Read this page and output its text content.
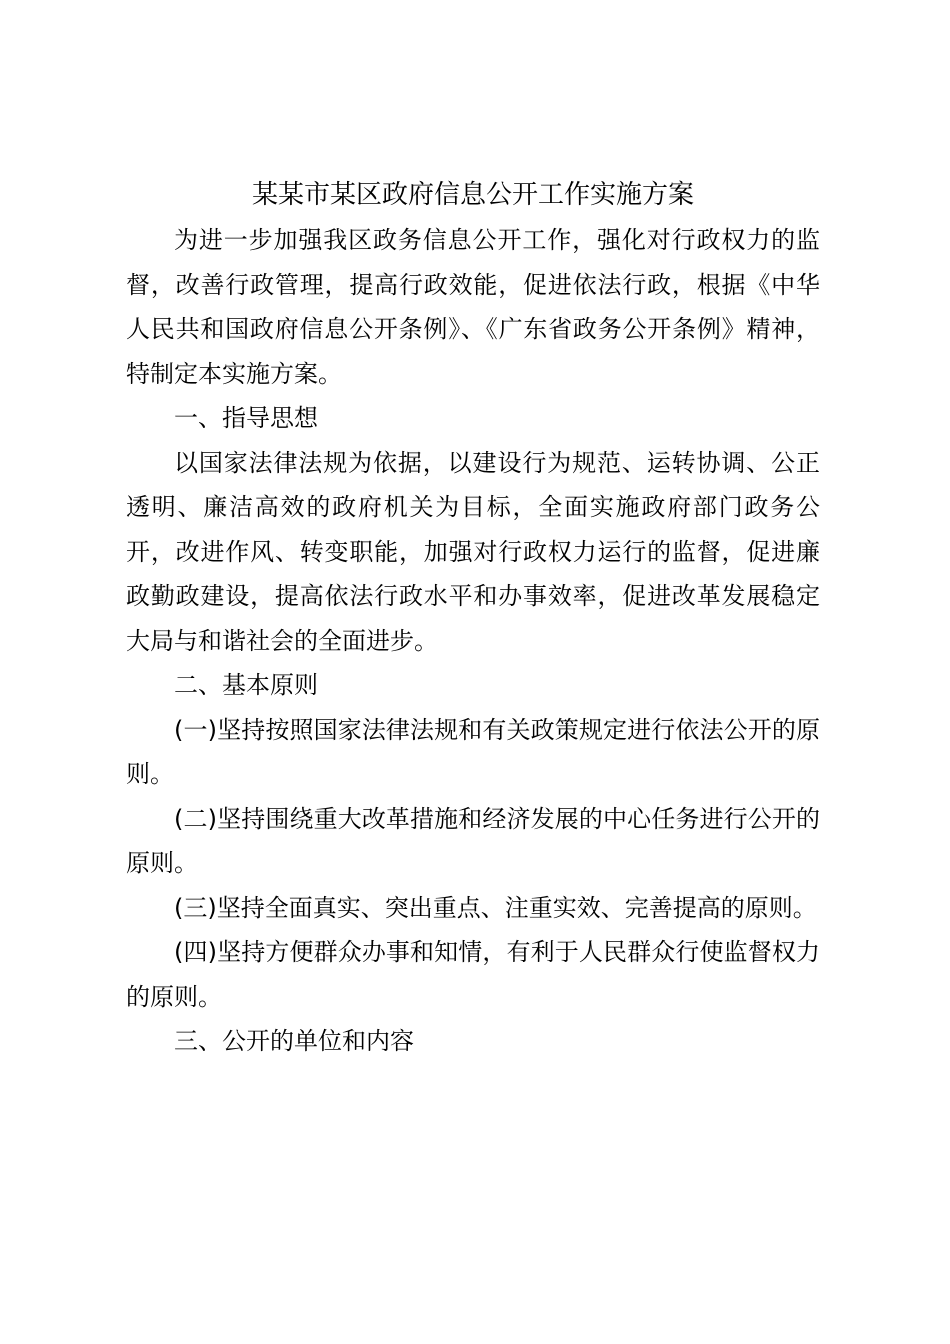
某某市某区政府信息公开工作实施方案

为进一步加强我区政务信息公开工作，强化对行政权力的监督，改善行政管理，提高行政效能，促进依法行政，根据《中华人民共和国政府信息公开条例》、《广东省政务公开条例》精神，特制定本实施方案。

一、指导思想

以国家法律法规为依据，以建设行为规范、运转协调、公正透明、廉洁高效的政府机关为目标，全面实施政府部门政务公开，改进作风、转变职能，加强对行政权力运行的监督，促进廉政勤政建设，提高依法行政水平和办事效率，促进改革发展稳定大局与和谐社会的全面进步。

二、基本原则

(一)坚持按照国家法律法规和有关政策规定进行依法公开的原则。

(二)坚持围绕重大改革措施和经济发展的中心任务进行公开的原则。

(三)坚持全面真实、突出重点、注重实效、完善提高的原则。

(四)坚持方便群众办事和知情，有利于人民群众行使监督权力的原则。

三、公开的单位和内容
